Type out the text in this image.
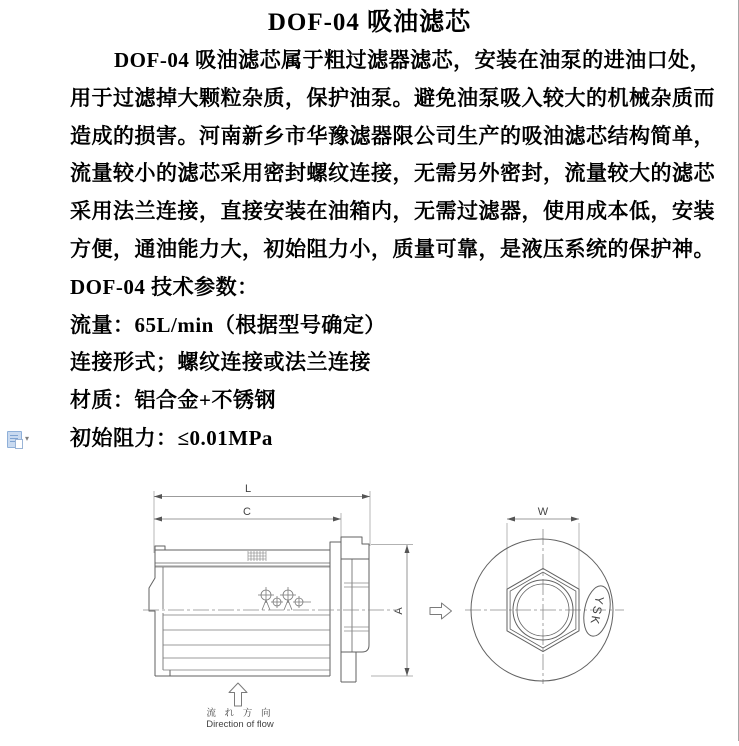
DOF-04 吸油滤芯
DOF-04 吸油滤芯属于粗过滤器滤芯，安装在油泵的进油口处，
用于过滤掉大颗粒杂质，保护油泵。避免油泵吸入较大的机械杂质而
造成的损害。河南新乡市华豫滤器限公司生产的吸油滤芯结构简单，
流量较小的滤芯采用密封螺纹连接，无需另外密封，流量较大的滤芯
采用法兰连接，直接安装在油箱内，无需过滤器，使用成本低，安装
方便，通油能力大，初始阻力小，质量可靠，是液压系统的保护神。
DOF-04 技术参数：
流量：65L/min（根据型号确定）
连接形式；螺纹连接或法兰连接
材质：铝合金+不锈钢
初始阻力：≤0.01MPa
▾
L
C
A
W
流 れ 方 向
Direction of flow
YSK
